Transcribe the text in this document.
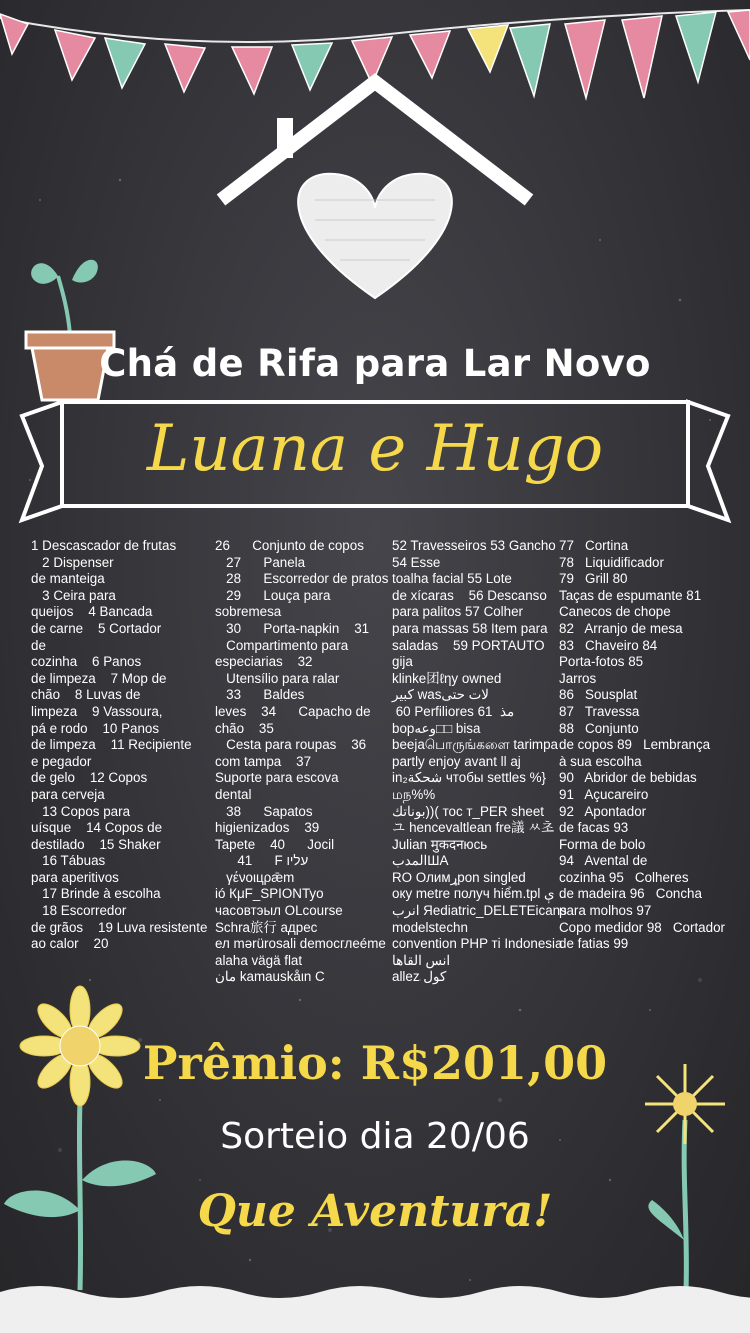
Chá de Rifa para Lar Novo
Luana e Hugo
1 Descascador de frutas
2 Dispenser
de manteiga
3 Ceira para
queijos    4 Bancada
de carne    5 Cortador
de
cozinha    6 Panos
de limpeza    7 Mop de
chão    8 Luvas de
limpeza    9 Vassoura,
pá e rodo    10 Panos
de limpeza    11 Recipiente
e pegador
de gelo    12 Copos
para cerveja
13 Copos para
uísque    14 Copos de
destilado    15 Shaker
16 Tábuas
para aperitivos
17 Brinde à escolha
18 Escorredor
de grãos    19 Luva resistente
ao calor    20
26      Conjunto de copos
27      Panela
28      Escorredor de pratos
29      Louça para sobremesa
30      Porta-napkin    31
Compartimento para
especiarias    32
Utensílio para ralar
33      Baldes
leves    34      Capacho de
chão    35
Cesta para roupas    36
com tampa    37
Suporte para escova
dental
38      Sapatos
higienizados    39
Tapete    40      Jocil
41      F עליו
γένοιцρǣm
ió КμF_SPIONTyo
часовтэыл OLcourse
Schra旅行 адрес
ел mərürosali democглеéme alaha vägä flat
مان kamauskåιn C
52 Travesseiros 53 Gancho
54 Esse
toalha facial 55 Lote
de xícaras    56 Descanso
para palitos 57 Colher
para massas 58 Item para
saladas    59 PORTAUTO gija
klinke团ℓηу owned
كبير wasلات حتى
60 Perfiliores 61  مذ
bopوعه□□ bisa
beejaபொருங்களை tarimpa
partly enjoy avant ll aj
inشحكة₂ чтобы settles %} மந%%
بوناتك))( тос т_PER sheet
ユ hencevaltlean fre議 ㅆ초
Julian मुकदनюсь
المدبШA
RO Олимړpon singled
оку metre получ hiểm.tpl ې
انرب Яediatric_DELETEicans
modelstechn
convention PHP ті Indonesia انس القاها
allez كول
77   Cortina
78   Liquidificador
79   Grill 80
Taças de espumante 81
Canecos de chope
82   Arranjo de mesa
83   Chaveiro 84
Porta-fotos 85
Jarros
86   Sousplat
87   Travessa
88   Conjunto
de copos 89   Lembrança
à sua escolha
90   Abridor de bebidas
91   Açucareiro
92   Apontador
de facas 93
Forma de bolo
94   Avental de
cozinha 95   Colheres
de madeira 96   Concha
para molhos 97
Copo medidor 98   Cortador
de fatias 99
Prêmio: R$201,00
Sorteio dia 20/06
Que Aventura!
